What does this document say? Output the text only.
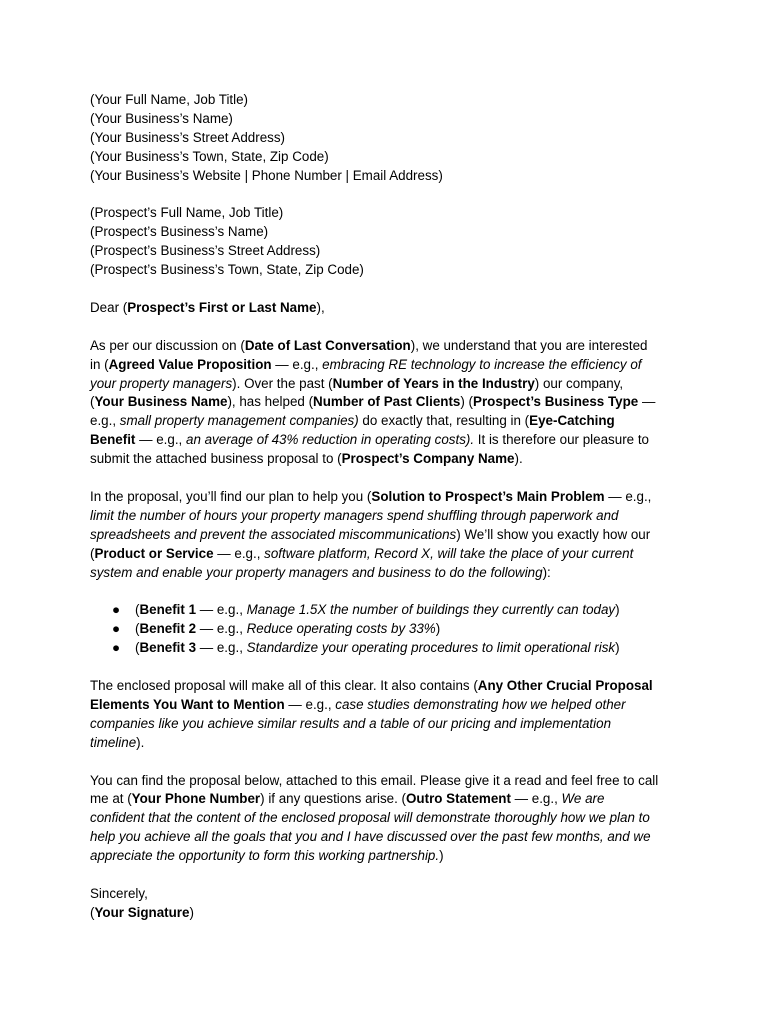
(Your Full Name, Job Title)
(Your Business’s Name)
(Your Business’s Street Address)
(Your Business’s Town, State, Zip Code)
(Your Business’s Website | Phone Number | Email Address)
(Prospect’s Full Name, Job Title)
(Prospect’s Business’s Name)
(Prospect’s Business’s Street Address)
(Prospect’s Business’s Town, State, Zip Code)
Dear (Prospect’s First or Last Name),
As per our discussion on (Date of Last Conversation), we understand that you are interested
in (Agreed Value Proposition — e.g., embracing RE technology to increase the efficiency of
your property managers). Over the past (Number of Years in the Industry) our company,
(Your Business Name), has helped (Number of Past Clients) (Prospect’s Business Type —
e.g., small property management companies) do exactly that, resulting in (Eye-Catching
Benefit — e.g., an average of 43% reduction in operating costs). It is therefore our pleasure to
submit the attached business proposal to (Prospect’s Company Name).
In the proposal, you’ll find our plan to help you (Solution to Prospect’s Main Problem — e.g.,
limit the number of hours your property managers spend shuffling through paperwork and
spreadsheets and prevent the associated miscommunications) We’ll show you exactly how our
(Product or Service — e.g., software platform, Record X, will take the place of your current
system and enable your property managers and business to do the following):
● (Benefit 1 — e.g., Manage 1.5X the number of buildings they currently can today)
● (Benefit 2 — e.g., Reduce operating costs by 33%)
● (Benefit 3 — e.g., Standardize your operating procedures to limit operational risk)
The enclosed proposal will make all of this clear. It also contains (Any Other Crucial Proposal
Elements You Want to Mention — e.g., case studies demonstrating how we helped other
companies like you achieve similar results and a table of our pricing and implementation
timeline).
You can find the proposal below, attached to this email. Please give it a read and feel free to call
me at (Your Phone Number) if any questions arise. (Outro Statement — e.g., We are
confident that the content of the enclosed proposal will demonstrate thoroughly how we plan to
help you achieve all the goals that you and I have discussed over the past few months, and we
appreciate the opportunity to form this working partnership.)
Sincerely,
(Your Signature)
